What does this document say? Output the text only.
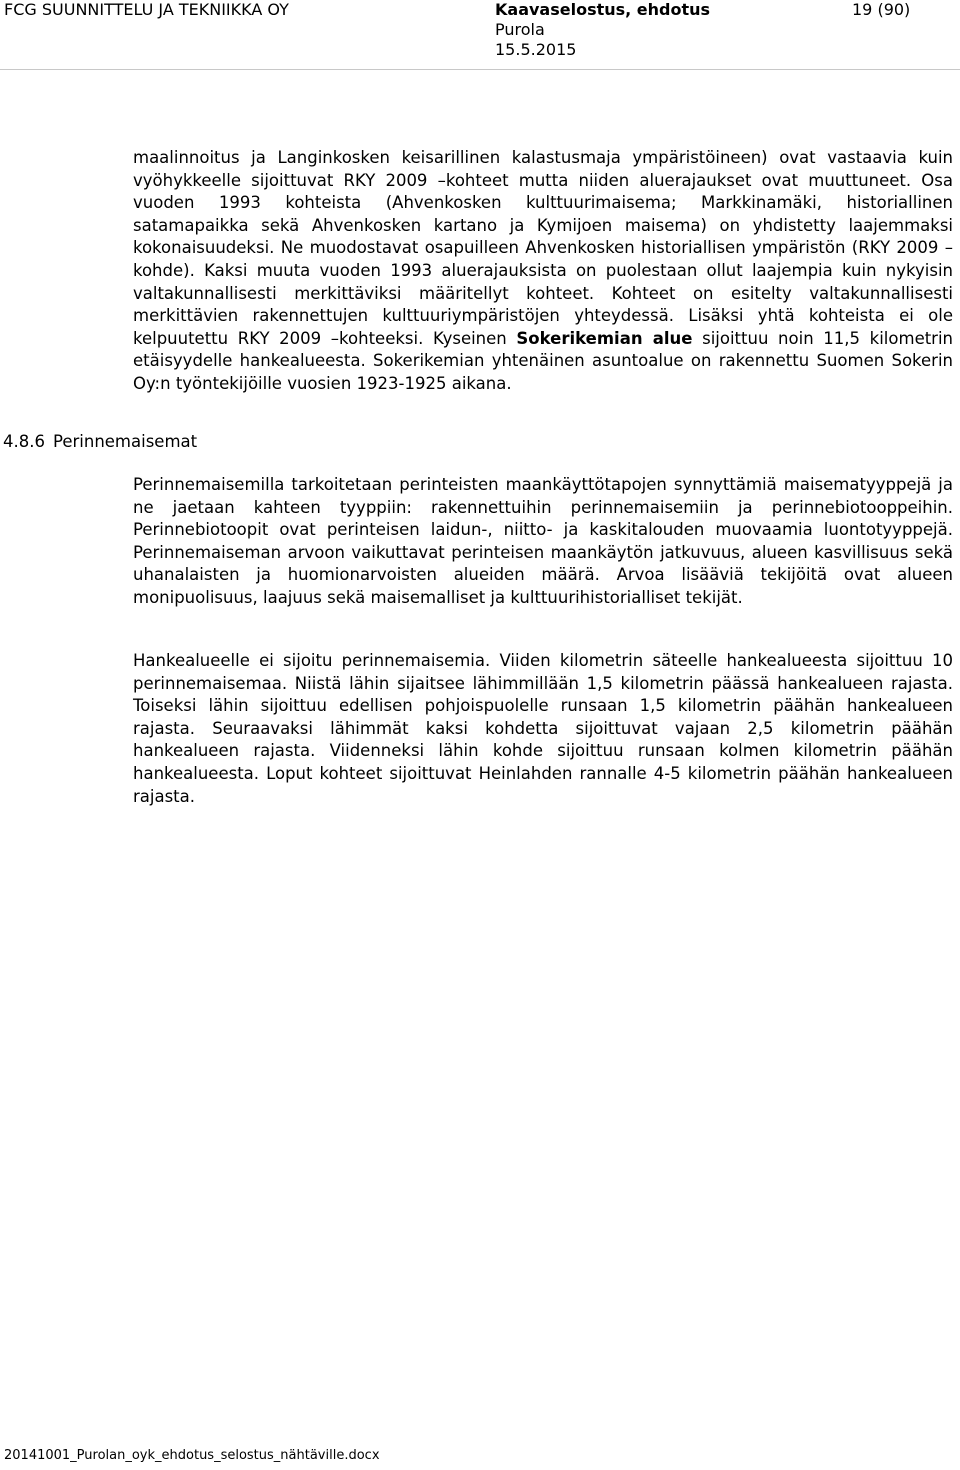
FCG SUUNNITTELU JA TEKNIIKKA OY	Kaavaselostus, ehdotus
Purola
15.5.2015
19 (90)

maalinnoitus ja Langinkosken keisarillinen kalastusmaja ympäristöineen) ovat vastaavia kuin vyöhykkeelle sijoittuvat RKY 2009 –kohteet mutta niiden aluerajaukset ovat muuttuneet. Osa vuoden 1993 kohteista (Ahvenkosken kulttuurimaisema; Markkinamäki, historiallinen satamapaikka sekä Ahvenkosken kartano ja Kymijoen maisema) on yhdistetty laajemmaksi kokonaisuudeksi. Ne muodostavat osapuilleen Ahvenkosken historiallisen ympäristön (RKY 2009 –kohde). Kaksi muuta vuoden 1993 aluerajauksista on puolestaan ollut laajempia kuin nykyisin valtakunnallisesti merkittäviksi määritellyt kohteet. Kohteet on esitelty valtakunnallisesti merkittävien rakennettujen kulttuuriympäristöjen yhteydessä. Lisäksi yhtä kohteista ei ole kelpuutettu RKY 2009 –kohteeksi. Kyseinen Sokerikemian alue sijoittuu noin 11,5 kilometrin etäisyydelle hankealueesta. Sokerikemian yhtenäinen asuntoalue on rakennettu Suomen Sokerin Oy:n työntekijöille vuosien 1923-1925 aikana.

4.8.6 Perinnemaisemat

Perinnemaisemilla tarkoitetaan perinteisten maankäyttötapojen synnyttämiä maisematyyppejä ja ne jaetaan kahteen tyyppiin: rakennettuihin perinnemaisemiin ja perinnebiotooppeihin. Perinnebiotoopit ovat perinteisen laidun-, niitto- ja kaskitalouden muovaamia luontotyyppejä. Perinnemaiseman arvoon vaikuttavat perinteisen maankäytön jatkuvuus, alueen kasvillisuus sekä uhanalaisten ja huomionarvoisten alueiden määrä. Arvoa lisääviä tekijöitä ovat alueen monipuolisuus, laajuus sekä maisemalliset ja kulttuurihistorialliset tekijät.

Hankealueelle ei sijoitu perinnemaisemia. Viiden kilometrin säteelle hankealueesta sijoittuu 10 perinnemaisemaa. Niistä lähin sijaitsee lähimmillään 1,5 kilometrin päässä hankealueen rajasta. Toiseksi lähin sijoittuu edellisen pohjoispuolelle runsaan 1,5 kilometrin päähän hankealueen rajasta. Seuraavaksi lähimmät kaksi kohdetta sijoittuvat vajaan 2,5 kilometrin päähän hankealueen rajasta. Viidenneksi lähin kohde sijoittuu runsaan kolmen kilometrin päähän hankealueesta. Loput kohteet sijoittuvat Heinlahden rannalle 4-5 kilometrin päähän hankealueen rajasta.

20141001_Purolan_oyk_ehdotus_selostus_nähtäville.docx
